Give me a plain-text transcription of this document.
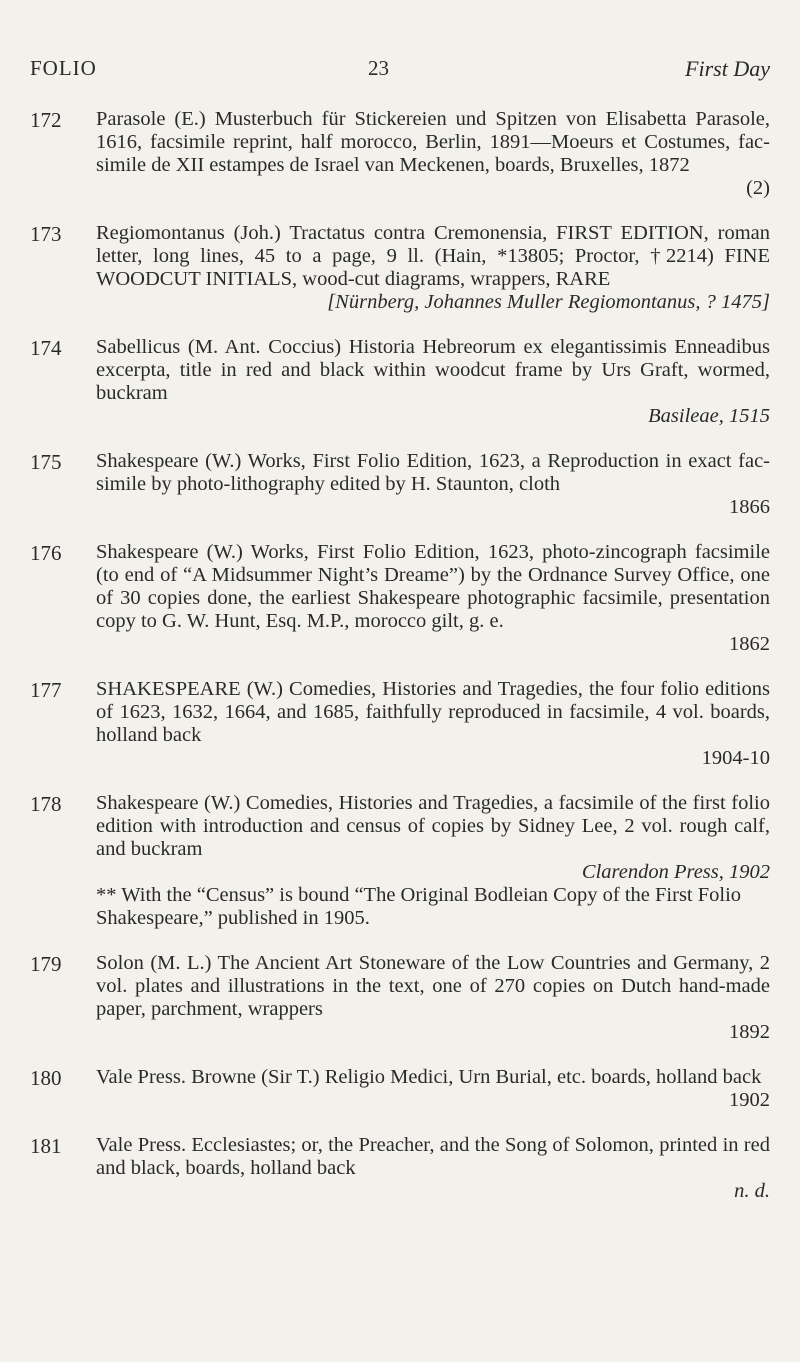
FOLIO	23	First Day
172	Parasole (E.) Musterbuch für Stickereien und Spitzen von Elisabetta Parasole, 1616, facsimile reprint, half morocco, Berlin, 1891—Moeurs et Costumes, fac-simile de XII estampes de Israel van Meckenen, boards, Bruxelles, 1872
(2)
173	Regiomontanus (Joh.) Tractatus contra Cremonensia, FIRST EDITION, roman letter, long lines, 45 to a page, 9 ll. (Hain, *13805; Proctor, †2214) FINE WOODCUT INITIALS, wood-cut diagrams, wrappers, RARE
[Nürnberg, Johannes Muller Regiomontanus, ? 1475]
174	Sabellicus (M. Ant. Coccius) Historia Hebreorum ex elegantissimis Enneadibus excerpta, title in red and black within woodcut frame by Urs Graft, wormed, buckram
Basileae, 1515
175	Shakespeare (W.) Works, First Folio Edition, 1623, a Reproduction in exact fac-simile by photo-lithography edited by H. Staunton, cloth
1866
176	Shakespeare (W.) Works, First Folio Edition, 1623, photo-zincograph facsimile (to end of “A Midsummer Night’s Dreame”) by the Ordnance Survey Office, one of 30 copies done, the earliest Shakespeare photographic facsimile, presentation copy to G. W. Hunt, Esq. M.P., morocco gilt, g. e.
1862
177	SHAKESPEARE (W.) Comedies, Histories and Tragedies, the four folio editions of 1623, 1632, 1664, and 1685, faithfully reproduced in facsimile, 4 vol. boards, holland back
1904-10
178	Shakespeare (W.) Comedies, Histories and Tragedies, a facsimile of the first folio edition with introduction and census of copies by Sidney Lee, 2 vol. rough calf, and buckram
Clarendon Press, 1902
** With the “Census” is bound “The Original Bodleian Copy of the First Folio Shakespeare,” published in 1905.
179	Solon (M. L.) The Ancient Art Stoneware of the Low Countries and Germany, 2 vol. plates and illustrations in the text, one of 270 copies on Dutch hand-made paper, parchment, wrappers
1892
180	Vale Press. Browne (Sir T.) Religio Medici, Urn Burial, etc. boards, holland back
1902
181	Vale Press. Ecclesiastes; or, the Preacher, and the Song of Solomon, printed in red and black, boards, holland back
n. d.
